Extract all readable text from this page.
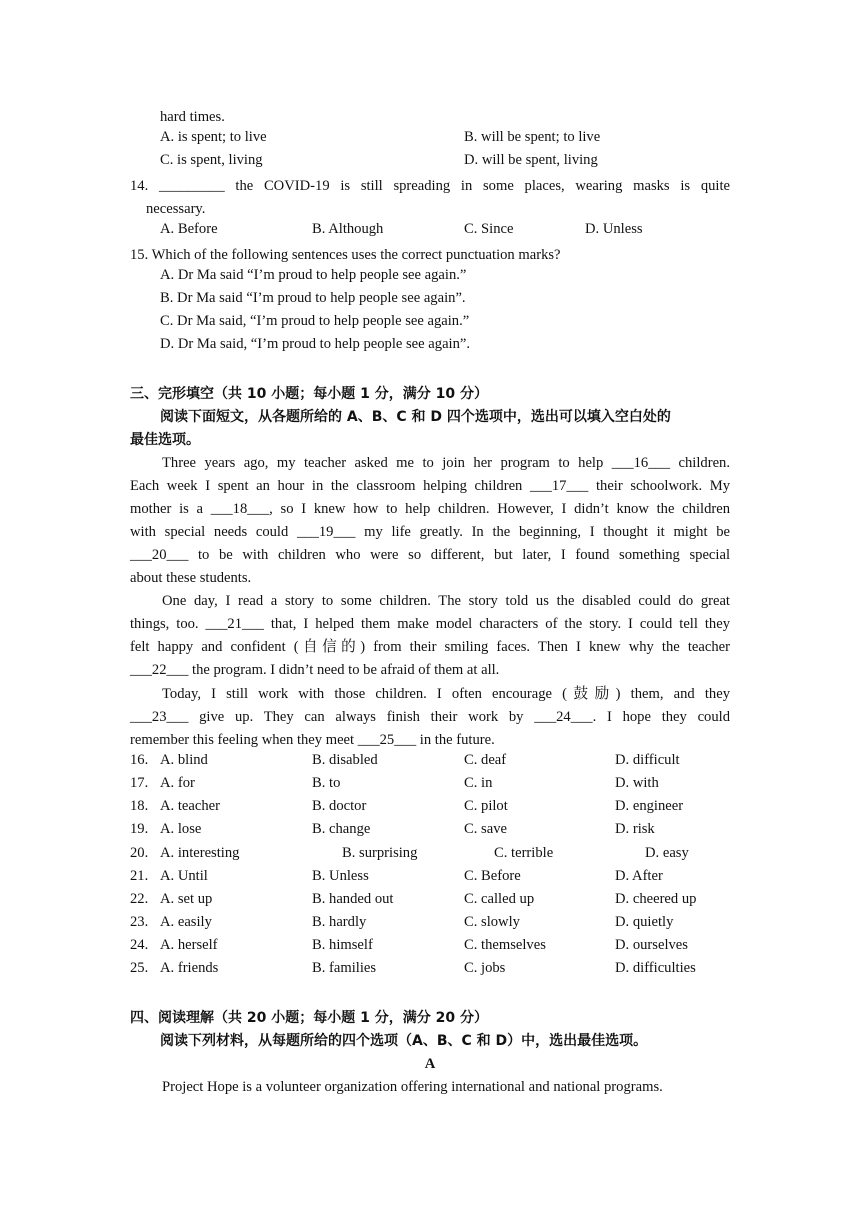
hard times.
A. is spent; to live	B. will be spent; to live
C. is spent, living	D. will be spent, living
14. _________ the COVID-19 is still spreading in some places, wearing masks is quite
necessary.
A. Before	B. Although	C. Since	D. Unless
15. Which of the following sentences uses the correct punctuation marks?
A. Dr Ma said “I’m proud to help people see again.”
B. Dr Ma said “I’m proud to help people see again”.
C. Dr Ma said, “I’m proud to help people see again.”
D. Dr Ma said, “I’m proud to help people see again”.
三、完形填空（共 10 小题；每小题 1 分，满分 10 分）
阅读下面短文，从各题所给的 A、B、C 和 D 四个选项中，选出可以填入空白处的
最佳选项。
Three years ago, my teacher asked me to join her program to help ___16___ children.
Each week I spent an hour in the classroom helping children ___17___ their schoolwork. My
mother is a ___18___, so I knew how to help children. However, I didn’t know the children
with special needs could ___19___ my life greatly. In the beginning, I thought it might be
___20___ to be with children who were so different, but later, I found something special
about these students.
One day, I read a story to some children. The story told us the disabled could do great
things, too. ___21___ that, I helped them make model characters of the story. I could tell they
felt happy and confident (自信的) from their smiling faces. Then I knew why the teacher
___22___ the program. I didn’t need to be afraid of them at all.
Today, I still work with those children. I often encourage (鼓励) them, and they
___23___ give up. They can always finish their work by ___24___. I hope they could
remember this feeling when they meet ___25___ in the future.
16. A. blind	B. disabled	C. deaf	D. difficult
17. A. for	B. to	C. in	D. with
18. A. teacher	B. doctor	C. pilot	D. engineer
19. A. lose	B. change	C. save	D. risk
20. A. interesting	B. surprising	C. terrible	D. easy
21. A. Until	B. Unless	C. Before	D. After
22. A. set up	B. handed out	C. called up	D. cheered up
23. A. easily	B. hardly	C. slowly	D. quietly
24. A. herself	B. himself	C. themselves	D. ourselves
25. A. friends	B. families	C. jobs	D. difficulties
四、阅读理解（共 20 小题；每小题 1 分，满分 20 分）
阅读下列材料，从每题所给的四个选项（A、B、C 和 D）中，选出最佳选项。
A
Project Hope is a volunteer organization offering international and national programs.
